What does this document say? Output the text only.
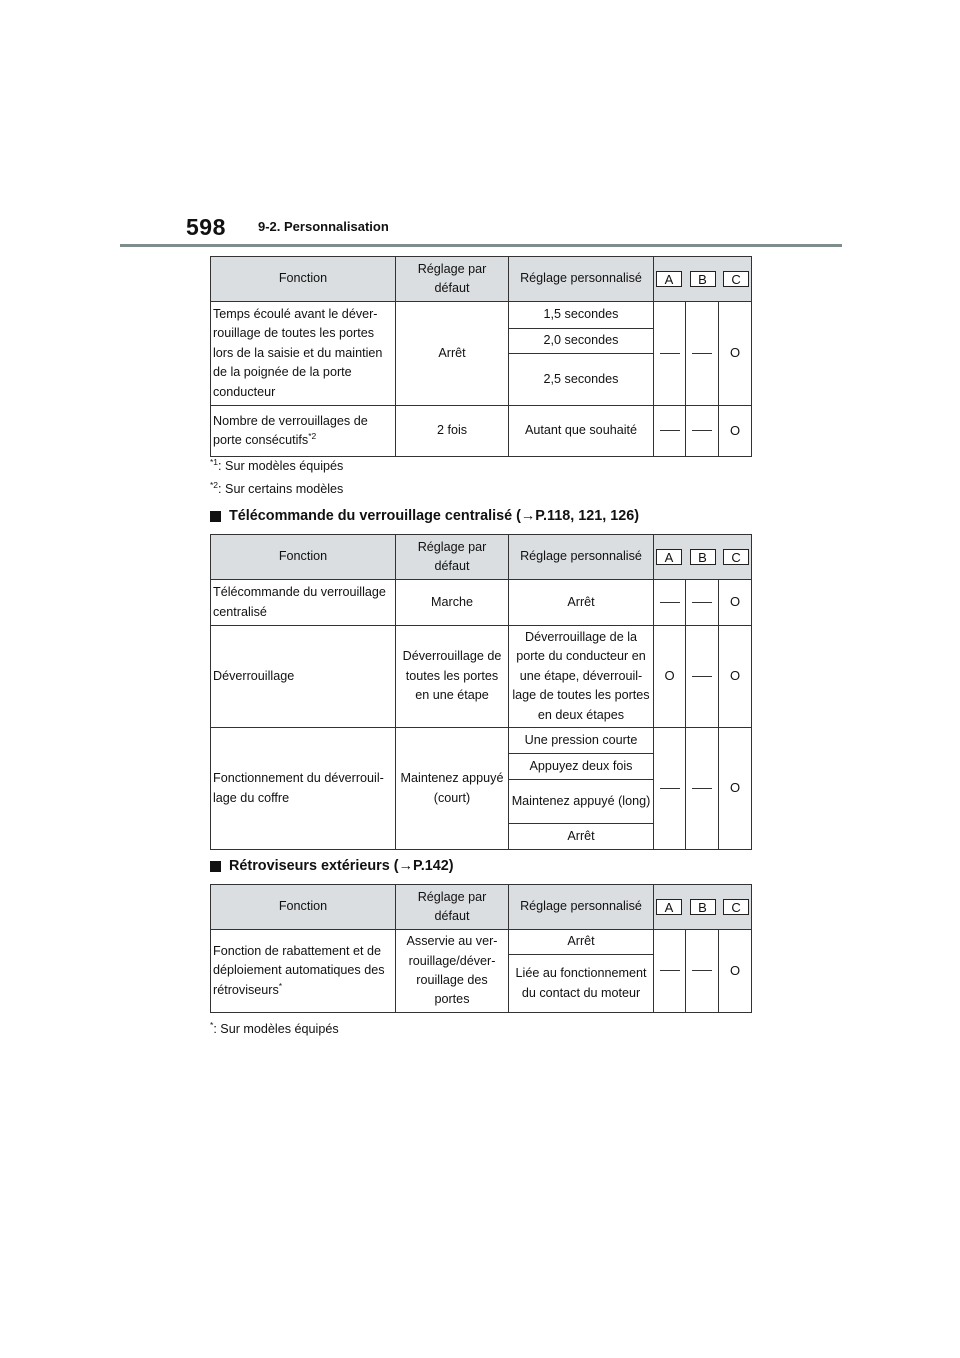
598 9-2. Personnalisation
Fonction	Réglage par défaut	Réglage personnalisé	A B C		

Temps écoulé avant le déver-rouillage de toutes les portes lors de la saisie et du maintien de la poignée de la porte conducteur	Arrêt	1,5 secondes			O
		2,0 secondes			
		2,5 secondes			
Nombre de verrouillages de porte consécutifs$^{*2}$	2 fois	Autant que souhaité			O
$^{*1}$: Sur modèles équipés
$^{*2}$: Sur certains modèles
Télécommande du verrouillage centralisé (→P.118, 121, 126)
Fonction	Réglage par défaut	Réglage personnalisé	A B C		

Télécommande du verrouillage centralisé	Marche	Arrêt			O
Déverrouillage	Déverrouillage de toutes les portes en une étape	Déverrouillage de la porte du conducteur en une étape, déverrouil-lage de toutes les portes en deux étapes	O		O
Fonctionnement du déverrouil-lage du coffre	Maintenez appuyé (court)	Une pression courte			O
		Appuyez deux fois			
		Maintenez appuyé (long)			
		Arrêt			
Rétroviseurs extérieurs (→P.142)
Fonction	Réglage par défaut	Réglage personnalisé	A B C		

Fonction de rabattement et de déploiement automatiques des rétroviseurs*	Asservie au ver-rouillage/déver-rouillage des portes	Arrêt			O
		Liée au fonctionnement du contact du moteur			
*: Sur modèles équipés
